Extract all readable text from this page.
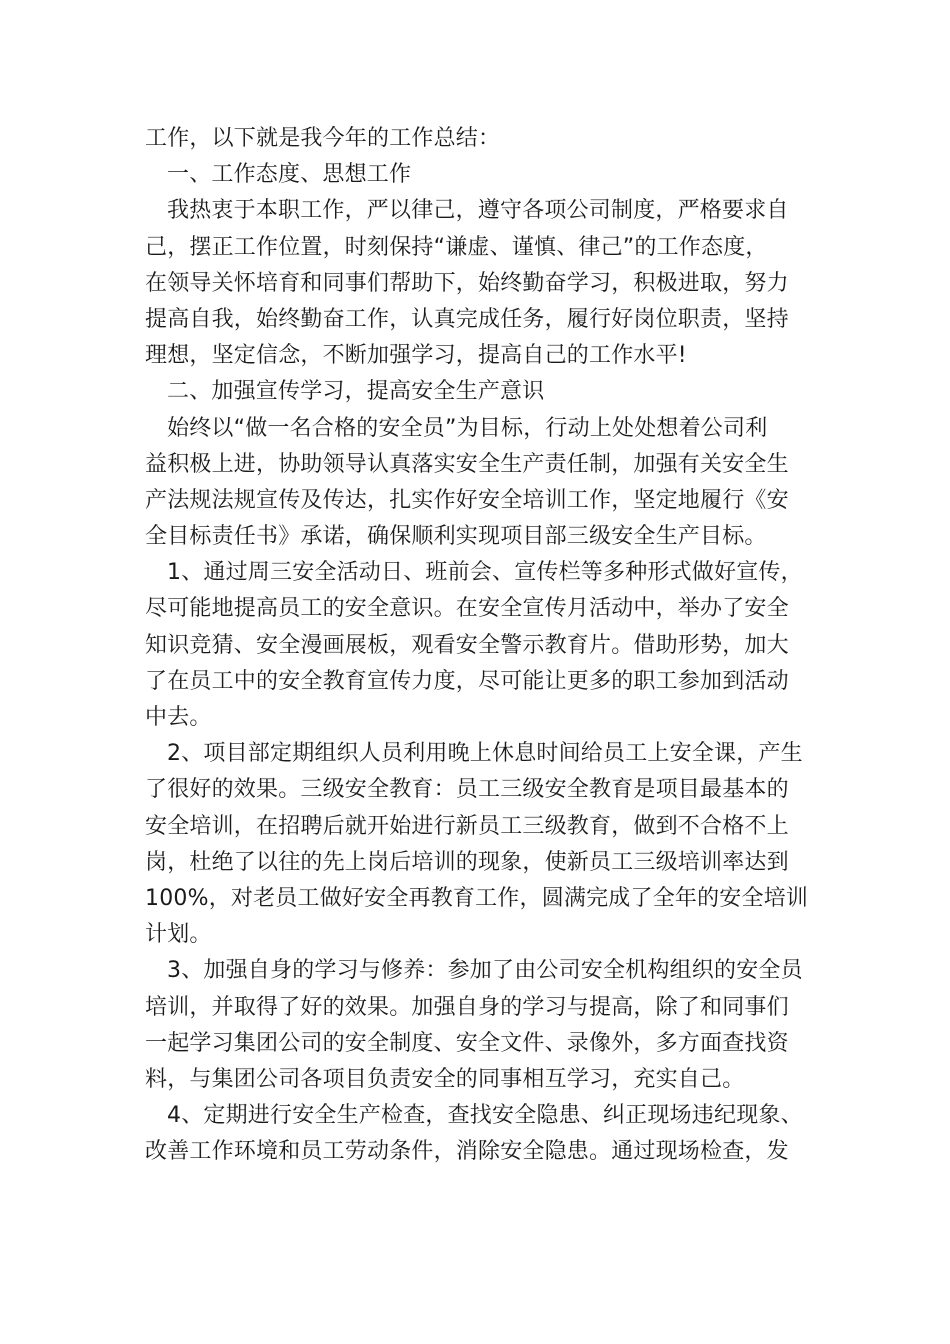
工作，以下就是我今年的工作总结：
一、工作态度、思想工作
我热衷于本职工作，严以律己，遵守各项公司制度，严格要求自
己，摆正工作位置，时刻保持“谦虚、谨慎、律己”的工作态度，
在领导关怀培育和同事们帮助下，始终勤奋学习，积极进取，努力
提高自我，始终勤奋工作，认真完成任务，履行好岗位职责，坚持
理想，坚定信念，不断加强学习，提高自己的工作水平!
二、加强宣传学习，提高安全生产意识
始终以“做一名合格的安全员”为目标，行动上处处想着公司利
益积极上进，协助领导认真落实安全生产责任制，加强有关安全生
产法规法规宣传及传达，扎实作好安全培训工作，坚定地履行《安
全目标责任书》承诺，确保顺利实现项目部三级安全生产目标。
1、通过周三安全活动日、班前会、宣传栏等多种形式做好宣传，
尽可能地提高员工的安全意识。在安全宣传月活动中，举办了安全
知识竞猜、安全漫画展板，观看安全警示教育片。借助形势，加大
了在员工中的安全教育宣传力度，尽可能让更多的职工参加到活动
中去。
2、项目部定期组织人员利用晚上休息时间给员工上安全课，产生
了很好的效果。三级安全教育：员工三级安全教育是项目最基本的
安全培训，在招聘后就开始进行新员工三级教育，做到不合格不上
岗，杜绝了以往的先上岗后培训的现象，使新员工三级培训率达到
100%，对老员工做好安全再教育工作，圆满完成了全年的安全培训
计划。
3、加强自身的学习与修养：参加了由公司安全机构组织的安全员
培训，并取得了好的效果。加强自身的学习与提高，除了和同事们
一起学习集团公司的安全制度、安全文件、录像外，多方面查找资
料，与集团公司各项目负责安全的同事相互学习，充实自己。
4、定期进行安全生产检查，查找安全隐患、纠正现场违纪现象、
改善工作环境和员工劳动条件，消除安全隐患。通过现场检查，发
